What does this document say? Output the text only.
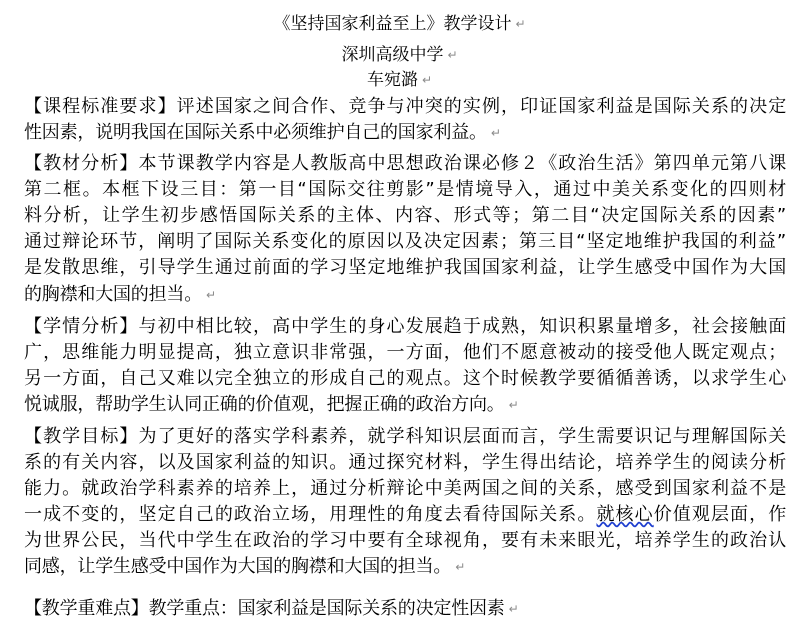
《坚持国家利益至上》教学设计 ↵
深圳高级中学 ↵
车宛潞 ↵
【课程标准要求】评述国家之间合作、竞争与冲突的实例，印证国家利益是国际关系的决定
性因素，说明我国在国际关系中必须维护自己的国家利益。 ↵
【教材分析】本节课教学内容是人教版高中思想政治课必修２《政治生活》第四单元第八课
第二框。本框下设三目：第一目“国际交往剪影”是情境导入，通过中美关系变化的四则材
料分析，让学生初步感悟国际关系的主体、内容、形式等；第二目“决定国际关系的因素”
通过辩论环节，阐明了国际关系变化的原因以及决定因素；第三目“坚定地维护我国的利益”
是发散思维，引导学生通过前面的学习坚定地维护我国国家利益，让学生感受中国作为大国
的胸襟和大国的担当。 ↵
【学情分析】与初中相比较，高中学生的身心发展趋于成熟，知识积累量增多，社会接触面
广，思维能力明显提高，独立意识非常强，一方面，他们不愿意被动的接受他人既定观点；
另一方面，自己又难以完全独立的形成自己的观点。这个时候教学要循循善诱，以求学生心
悦诚服，帮助学生认同正确的价值观，把握正确的政治方向。 ↵
【教学目标】为了更好的落实学科素养，就学科知识层面而言，学生需要识记与理解国际关
系的有关内容，以及国家利益的知识。通过探究材料，学生得出结论，培养学生的阅读分析
能力。就政治学科素养的培养上，通过分析辩论中美两国之间的关系，感受到国家利益不是
一成不变的，坚定自己的政治立场，用理性的角度去看待国际关系。就核心价值观层面，作
为世界公民，当代中学生在政治的学习中要有全球视角，要有未来眼光，培养学生的政治认
同感，让学生感受中国作为大国的胸襟和大国的担当。 ↵
【教学重难点】教学重点：国家利益是国际关系的决定性因素 ↵
